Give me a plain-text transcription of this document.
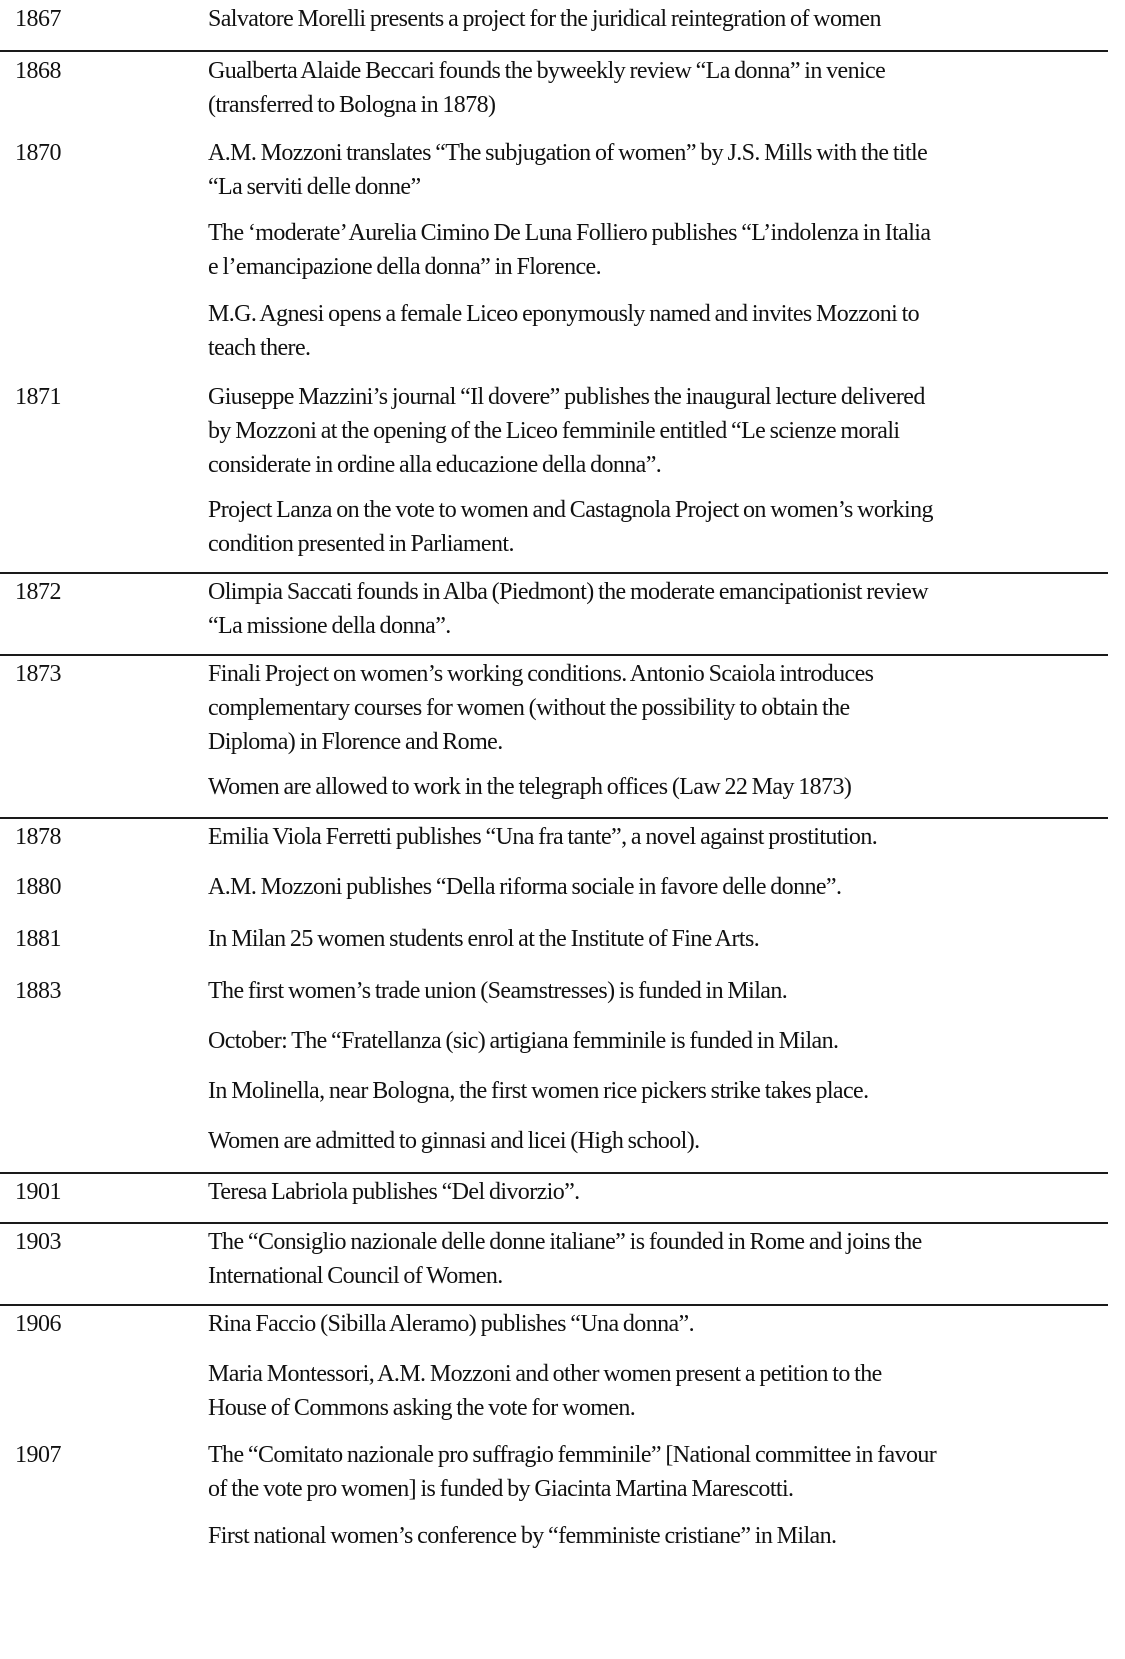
1867	Salvatore Morelli presents a project for the juridical reintegration of women
1868	Gualberta Alaide Beccari founds the byweekly review “La donna” in venice
(transferred to Bologna in 1878)
1870	A.M. Mozzoni translates “The subjugation of women” by J.S. Mills with the title
“La serviti delle donne”
The ‘moderate’ Aurelia Cimino De Luna Folliero publishes “L’indolenza in Italia
e l’emancipazione della donna” in Florence.
M.G. Agnesi opens a female Liceo eponymously named and invites Mozzoni to
teach there.
1871	Giuseppe Mazzini’s journal “Il dovere” publishes the inaugural lecture delivered
by Mozzoni at the opening of the Liceo femminile entitled “Le scienze morali
considerate in ordine alla educazione della donna”.
Project Lanza on the vote to women and Castagnola Project on women’s working
condition presented in Parliament.
1872	Olimpia Saccati founds in Alba (Piedmont) the moderate emancipationist review
“La missione della donna”.
1873	Finali Project on women’s working conditions. Antonio Scaiola introduces
complementary courses for women (without the possibility to obtain the
Diploma) in Florence and Rome.
Women are allowed to work in the telegraph offices (Law 22 May 1873)
1878	Emilia Viola Ferretti publishes “Una fra tante”, a novel against prostitution.
1880	A.M. Mozzoni publishes “Della riforma sociale in favore delle donne”.
1881	In Milan 25 women students enrol at the Institute of Fine Arts.
1883	The first women’s trade union (Seamstresses) is funded in Milan.
October: The “Fratellanza (sic) artigiana femminile is funded in Milan.
In Molinella, near Bologna, the first women rice pickers strike takes place.
Women are admitted to ginnasi and licei (High school).
1901	Teresa Labriola publishes “Del divorzio”.
1903	The “Consiglio nazionale delle donne italiane” is founded in Rome and joins the
International Council of Women.
1906	Rina Faccio (Sibilla Aleramo) publishes “Una donna”.
Maria Montessori, A.M. Mozzoni and other women present a petition to the
House of Commons asking the vote for women.
1907	The “Comitato nazionale pro suffragio femminile” [National committee in favour
of the vote pro women] is funded by Giacinta Martina Marescotti.
First national women’s conference by “femministe cristiane” in Milan.
